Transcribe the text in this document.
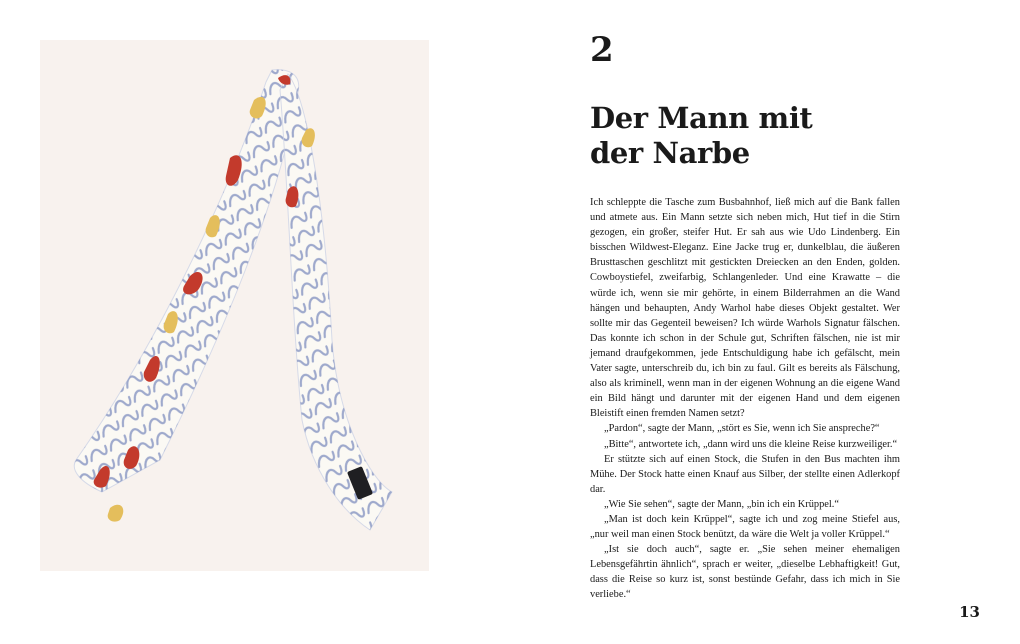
2
Der Mann mit
der Narbe

Ich schleppte die Tasche zum Busbahnhof, ließ mich auf die Bank fallen und atmete aus. Ein Mann setzte sich neben mich, Hut tief in die Stirn gezogen, ein großer, steifer Hut. Er sah aus wie Udo Lindenberg. Ein bisschen Wildwest-Eleganz. Eine Jacke trug er, dunkelblau, die äußeren Brusttaschen geschlitzt mit gestickten Dreiecken an den Enden, golden. Cowboystiefel, zweifarbig, Schlangenleder. Und eine Krawatte – die würde ich, wenn sie mir gehörte, in einem Bilderrahmen an die Wand hängen und behaupten, Andy Warhol habe dieses Objekt gestaltet. Wer sollte mir das Gegenteil beweisen? Ich würde Warhols Signatur fälschen. Das konnte ich schon in der Schule gut, Schriften fälschen, nie ist mir jemand draufgekommen, jede Entschuldigung habe ich gefälscht, mein Vater sagte, unterschreib du, ich bin zu faul. Gilt es bereits als Fälschung, also als kriminell, wenn man in der eigenen Wohnung an die eigene Wand ein Bild hängt und darunter mit der eigenen Hand und dem eigenen Bleistift einen fremden Namen setzt?

„Pardon“, sagte der Mann, „stört es Sie, wenn ich Sie anspreche?“

„Bitte“, antwortete ich, „dann wird uns die kleine Reise kurzweiliger.“

Er stützte sich auf einen Stock, die Stufen in den Bus machten ihm Mühe. Der Stock hatte einen Knauf aus Silber, der stellte einen Adlerkopf dar.

„Wie Sie sehen“, sagte der Mann, „bin ich ein Krüppel.“

„Man ist doch kein Krüppel“, sagte ich und zog meine Stiefel aus, „nur weil man einen Stock benützt, da wäre die Welt ja voller Krüppel.“

„Ist sie doch auch“, sagte er. „Sie sehen meiner ehemaligen Lebensgefährtin ähnlich“, sprach er weiter, „dieselbe Lebhaftigkeit! Gut, dass die Reise so kurz ist, sonst bestünde Gefahr, dass ich mich in Sie verliebe.“

13
